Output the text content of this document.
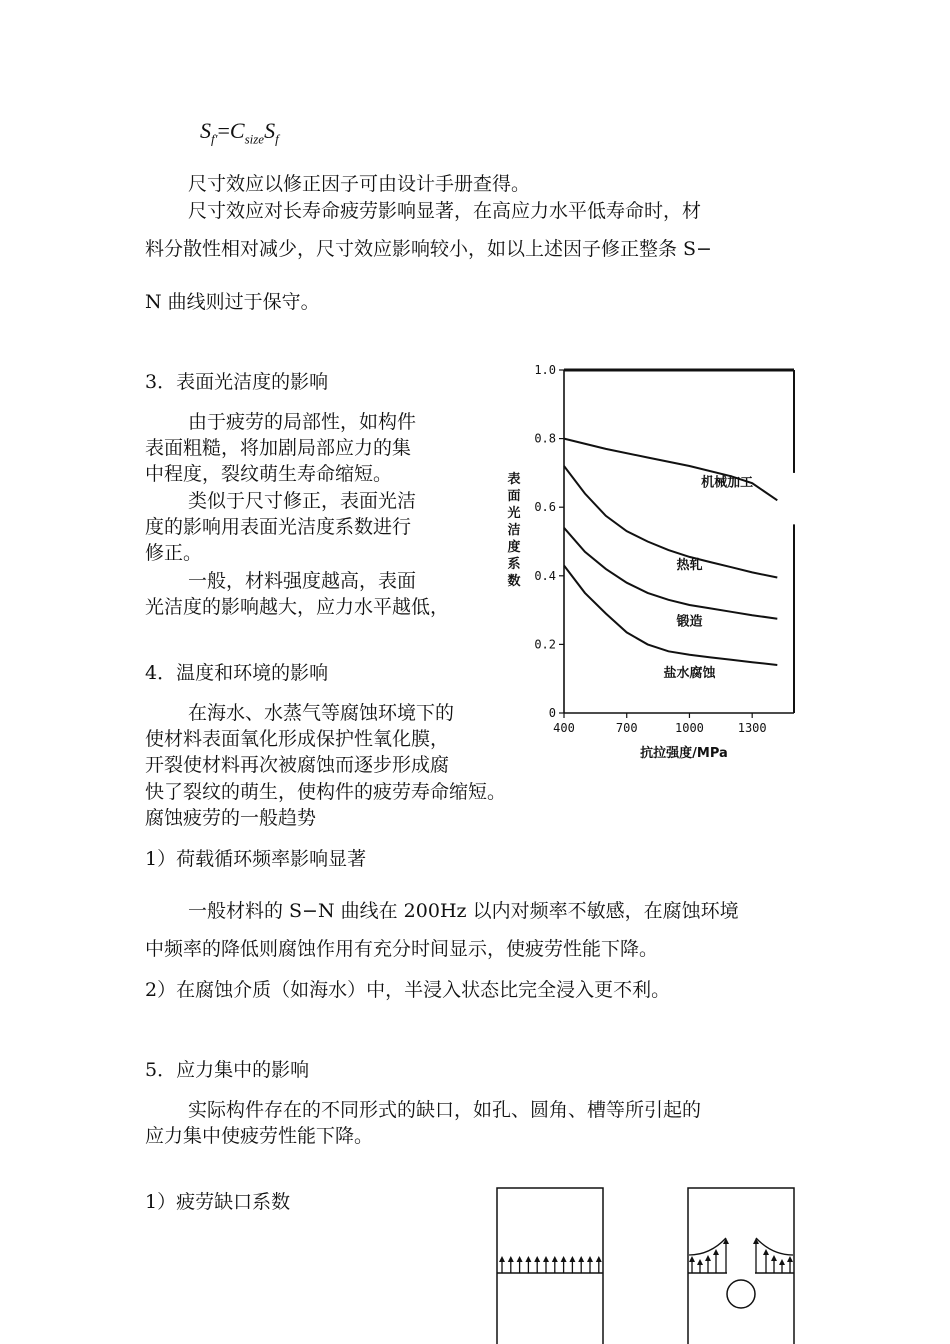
$S_{f'}=C_{size}S_f$
尺寸效应以修正因子可由设计手册查得。
尺寸效应对长寿命疲劳影响显著，在高应力水平低寿命时，材
料分散性相对减少，尺寸效应影响较小，如以上述因子修正整条 S−
N 曲线则过于保守。
3．表面光洁度的影响
由于疲劳的局部性，如构件
表面粗糙，将加剧局部应力的集
中程度，裂纹萌生寿命缩短。
类似于尺寸修正，表面光洁
度的影响用表面光洁度系数进行
修正。
一般，材料强度越高，表面
光洁度的影响越大，应力水平越低，
4．温度和环境的影响
在海水、水蒸气等腐蚀环境下的
使材料表面氧化形成保护性氧化膜，
开裂使材料再次被腐蚀而逐步形成腐
快了裂纹的萌生，使构件的疲劳寿命缩短。
腐蚀疲劳的一般趋势
1）荷载循环频率影响显著
一般材料的 S−N 曲线在 200Hz 以内对频率不敏感，在腐蚀环境
中频率的降低则腐蚀作用有充分时间显示，使疲劳性能下降。
2）在腐蚀介质（如海水）中，半浸入状态比完全浸入更不利。
5．应力集中的影响
实际构件存在的不同形式的缺口，如孔、圆角、槽等所引起的
应力集中使疲劳性能下降。
1）疲劳缺口系数
0
0.2
0.4
0.6
0.8
1.0
400	700	1000	1300
抗拉强度/MPa
表面光洁度系数
机械加工
热轧
锻造
盐水腐蚀
